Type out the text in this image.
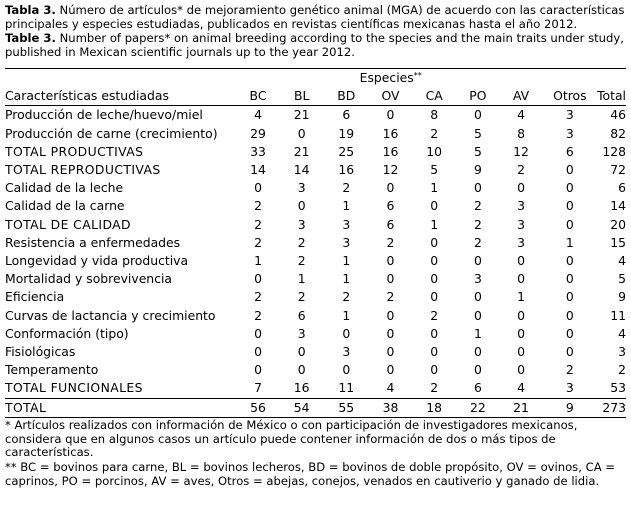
Tabla 3. Número de artículos* de mejoramiento genético animal (MGA) de acuerdo con las características principales y especies estudiadas, publicados en revistas científicas mexicanas hasta el año 2012.
Table 3. Number of papers* on animal breeding according to the species and the main traits under study, published in Mexican scientific journals up to the year 2012.
		Especies**	
Características estudiadas	BC	BL	BD	OV	CA	PO	AV	Otros	Total	
Producción de leche/huevo/miel	4	21	6	0	8	0	4	3	46	
Producción de carne (crecimiento)	29	0	19	16	2	5	8	3	82	
TOTAL PRODUCTIVAS	33	21	25	16	10	5	12	6	128	
TOTAL REPRODUCTIVAS	14	14	16	12	5	9	2	0	72	
Calidad de la leche	0	3	2	0	1	0	0	0	6	
Calidad de la carne	2	0	1	6	0	2	3	0	14	
TOTAL DE CALIDAD	2	3	3	6	1	2	3	0	20	
Resistencia a enfermedades	2	2	3	2	0	2	3	1	15	
Longevidad y vida productiva	1	2	1	0	0	0	0	0	4	
Mortalidad y sobrevivencia	0	1	1	0	0	3	0	0	5	
Eficiencia	2	2	2	2	0	0	1	0	9	
Curvas de lactancia y crecimiento	2	6	1	0	2	0	0	0	11	
Conformación (tipo)	0	3	0	0	0	1	0	0	4	
Fisiológicas	0	0	3	0	0	0	0	0	3	
Temperamento	0	0	0	0	0	0	0	2	2	
TOTAL FUNCIONALES	7	16	11	4	2	6	4	3	53	
TOTAL	56	54	55	38	18	22	21	9	273	
* Artículos realizados con información de México o con participación de investigadores mexicanos, considera que en algunos casos un artículo puede contener información de dos o más tipos de características.
** BC = bovinos para carne, BL = bovinos lecheros, BD = bovinos de doble propósito, OV = ovinos, CA = caprinos, PO = porcinos, AV = aves, Otros = abejas, conejos, venados en cautiverio y ganado de lidia.
